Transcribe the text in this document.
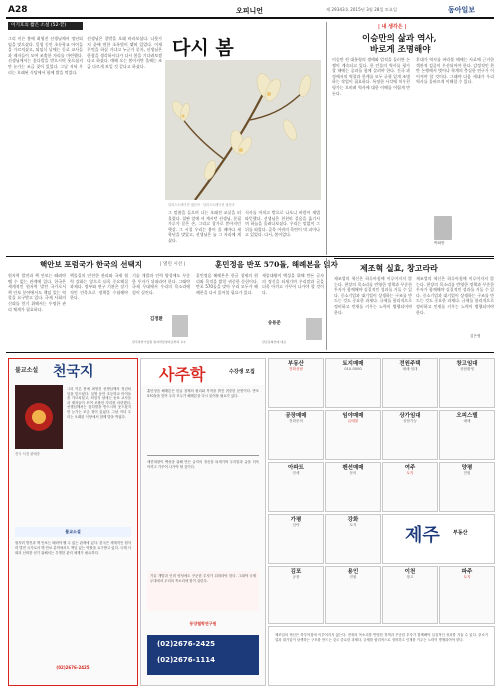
A28	오피니언	제 29343호 2015년 3월 28일 토요일	동아일보
이기호의 짧은 소설 (52·끝)
다시 봄
그리 이른 봄에 최영진 선생님께서 정년퇴임을 맞으셨다. 일생 동안 초등학교 아이들을 가르치셨고, 퇴임식 날에는 동료 교사들과 제자들이 모여 조촐한 자리를 마련했다. 선생님께서는 꽃다발을 받으시며 웃으셨지만 눈가는 조금 젖어 있었다. 그날 저녁 우리는 오래된 식당에서 함께 밥을 먹었다.
선생님은 창밖을 오래 바라보셨다. 나뭇가지 끝에 연한 초록빛이 맺혀 있었다. 이제 무엇을 하실 거냐고 누군가 묻자, 선생님은 한참을 생각하시다가 다시 봄을 기다려보겠다고 하셨다. 매해 오는 봄이지만 올해는 조금 다르게 보일 것 같다고 하셨다.
일러스트레이션 권신아 · 일러스트레이션 권신아
그 말씀을 들으며 나는 오래전 교실을 떠올렸다. 칠판 앞에 서 계시던 선생님, 분필 가루가 묻은 손, 그리고 창가로 쏟아지던 햇살. 그 시절 우리는 봄이 올 때마다 새 학년을 맞았고, 선생님은 늘 그 자리에 계셨다.
식사를 마치고 밖으로 나오니 바람이 제법 따뜻했다. 선생님은 천천히 걸음을 옮기시며 하늘을 올려다보셨다. 우리는 말없이 그 뒤를 따랐다. 골목 어귀의 목련이 막 피어나고 있었다. 다시, 봄이었다.
| 내 생각은 |
이승만의 삶과 역사,
바로게 조명해야
이승만 전 대통령의 생애와 업적을 둘러싼 논쟁이 계속되고 있다. 한 인물의 역사를 평가할 때에는 공과를 함께 살펴야 한다. 건국 과정에서의 역할과 한계를 모두 균형 있게 조명하는 작업이 필요하다. 특정한 시각에 치우친 평가는 오히려 역사에 대한 이해를 어렵게 만든다.
후대가 역사를 바라볼 때에는 사료에 근거한 객관적 검증이 우선되어야 한다. 감정적인 찬반 논쟁에서 벗어나 학계의 충실한 연구가 이어져야 할 것이다. 그래야 다음 세대가 우리 역사를 올바르게 이해할 수 있다.
박희만
핵안보 포럼국가 한국의 선택지	| 열린 시선 |
원자력 발전과 핵 안보는 떼려야 뗄 수 없는 관계에 있다. 한국은 세계적인 원자력 발전 국가로서 핵 안보 분야에서도 책임 있는 역할을 요구받고 있다. 국제 사회의 신뢰를 얻기 위해서는 투명한 관리 체계가 필요하다.
핵물질의 안전한 관리와 국제 협력 강화는 앞으로 더욱 중요해질 과제다. 정부와 연구 기관은 장기적인 안목으로 정책을 수립해야 한다.
기술 개발과 인력 양성에도 꾸준한 투자가 뒤따라야 한다. 그래야 국제 무대에서 우리의 목소리에 힘이 실린다.
김정환
한국과학기술원 원자력및양자공학과 교수
훈민정음 반포 570돌, 해례본을 읽자
훈민정음 해례본은 한글 창제의 원리와 목적을 밝힌 귀중한 문헌이다. 반포 570돌을 맞아 우리 모두가 해례본을 다시 읽어볼 필요가 있다.
세종대왕이 백성을 위해 만든 글자의 정신을 되새기며 우리말과 글을 더욱 아끼고 가꾸어 나가야 할 것이다.
송용준
한글문화연대 대표
제조혁 실효, 창고라라
제조업의 혁신은 하루아침에 이루어지지 않는다. 현장의 목소리를 반영한 정책과 꾸준한 투자가 함께해야 실질적인 성과를 거둘 수 있다. 중소기업과 대기업이 상생하는 구조를 만드는 것도 중요한 과제다. 규제를 합리적으로 정비하고 인재를 키우는 노력이 병행되어야 한다.
제조업의 혁신은 하루아침에 이루어지지 않는다. 현장의 목소리를 반영한 정책과 꾸준한 투자가 함께해야 실질적인 성과를 거둘 수 있다. 중소기업과 대기업이 상생하는 구조를 만드는 것도 중요한 과제다. 규제를 합리적으로 정비하고 인재를 키우는 노력이 병행되어야 한다.
김은영
불교소설 천국지
전국 서점 판매중
그리 이른 봄에 최영진 선생님께서 정년퇴임을 맞으셨다. 일생 동안 초등학교 아이들을 가르치셨고, 퇴임식 날에는 동료 교사들과 제자들이 모여 조촐한 자리를 마련했다. 선생님께서는 꽃다발을 받으시며 웃으셨지만 눈가는 조금 젖어 있었다. 그날 저녁 우리는 오래된 식당에서 함께 밥을 먹었다.
불교소설
원자력 발전과 핵 안보는 떼려야 뗄 수 없는 관계에 있다. 한국은 세계적인 원자력 발전 국가로서 핵 안보 분야에서도 책임 있는 역할을 요구받고 있다. 국제 사회의 신뢰를 얻기 위해서는 투명한 관리 체계가 필요하다.
(02)2676-2425
사주학	수강생 모집
훈민정음 해례본은 한글 창제의 원리와 목적을 밝힌 귀중한 문헌이다. 반포 570돌을 맞아 우리 모두가 해례본을 다시 읽어볼 필요가 있다.
세종대왕이 백성을 위해 만든 글자의 정신을 되새기며 우리말과 글을 더욱 아끼고 가꾸어 나가야 할 것이다.
기술 개발과 인력 양성에도 꾸준한 투자가 뒤따라야 한다. 그래야 국제 무대에서 우리의 목소리에 힘이 실린다.
동양철학연구원
(02)2676-2425
(02)2676-1114
부동산
전화상담
토지매매
010-0000
전원주택
매매·임대
창고임대
상담환영
공장매매
전화문의
임야매매
급매물
상가임대
상담가능
오피스텔
매매
아파트
전세
펜션매매
문의
여주
토지
양평
전원
가평
임야
강화
토지	제주	부동산
김포
공장
용인
전원
이천
창고
파주
토지
제조업의 혁신은 하루아침에 이루어지지 않는다. 현장의 목소리를 반영한 정책과 꾸준한 투자가 함께해야 실질적인 성과를 거둘 수 있다. 중소기업과 대기업이 상생하는 구조를 만드는 것도 중요한 과제다. 규제를 합리적으로 정비하고 인재를 키우는 노력이 병행되어야 한다.
